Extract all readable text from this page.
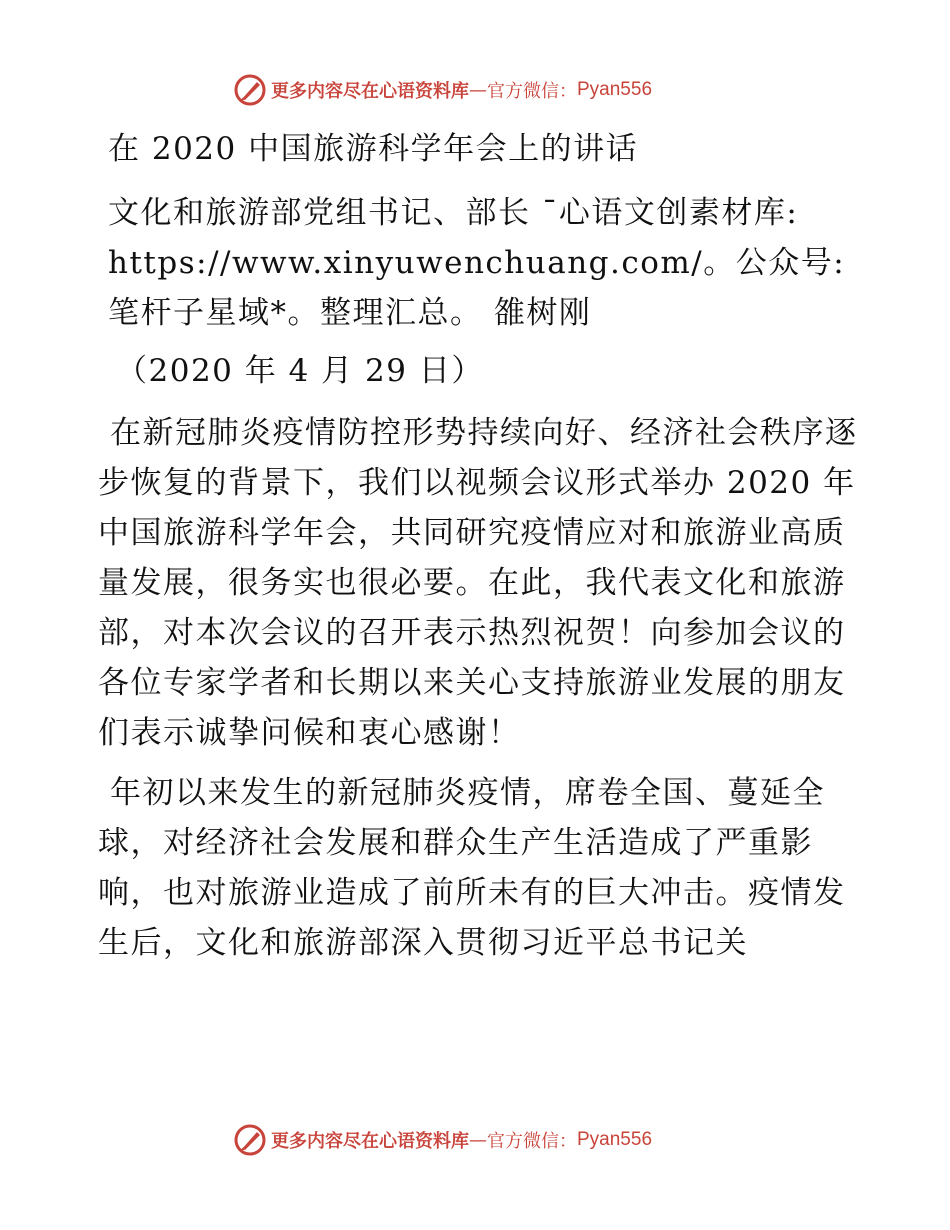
更多内容尽在心语资料库 — 官方微信： Pyan556

在 2020 中国旅游科学年会上的讲话

文化和旅游部党组书记、部长 ¯心语文创素材库: https://www.xinyuwenchuang.com/。公众号: 笔杆子星域*。整理汇总。 雒树刚

（2020 年 4 月 29 日）

在新冠肺炎疫情防控形势持续向好、经济社会秩序逐步恢复的背景下，我们以视频会议形式举办 2020 年中国旅游科学年会，共同研究疫情应对和旅游业高质量发展，很务实也很必要。在此，我代表文化和旅游部，对本次会议的召开表示热烈祝贺！向参加会议的各位专家学者和长期以来关心支持旅游业发展的朋友们表示诚挚问候和衷心感谢！

年初以来发生的新冠肺炎疫情，席卷全国、蔓延全球，对经济社会发展和群众生产生活造成了严重影响，也对旅游业造成了前所未有的巨大冲击。疫情发生后，文化和旅游部深入贯彻习近平总书记关

更多内容尽在心语资料库 — 官方微信： Pyan556
